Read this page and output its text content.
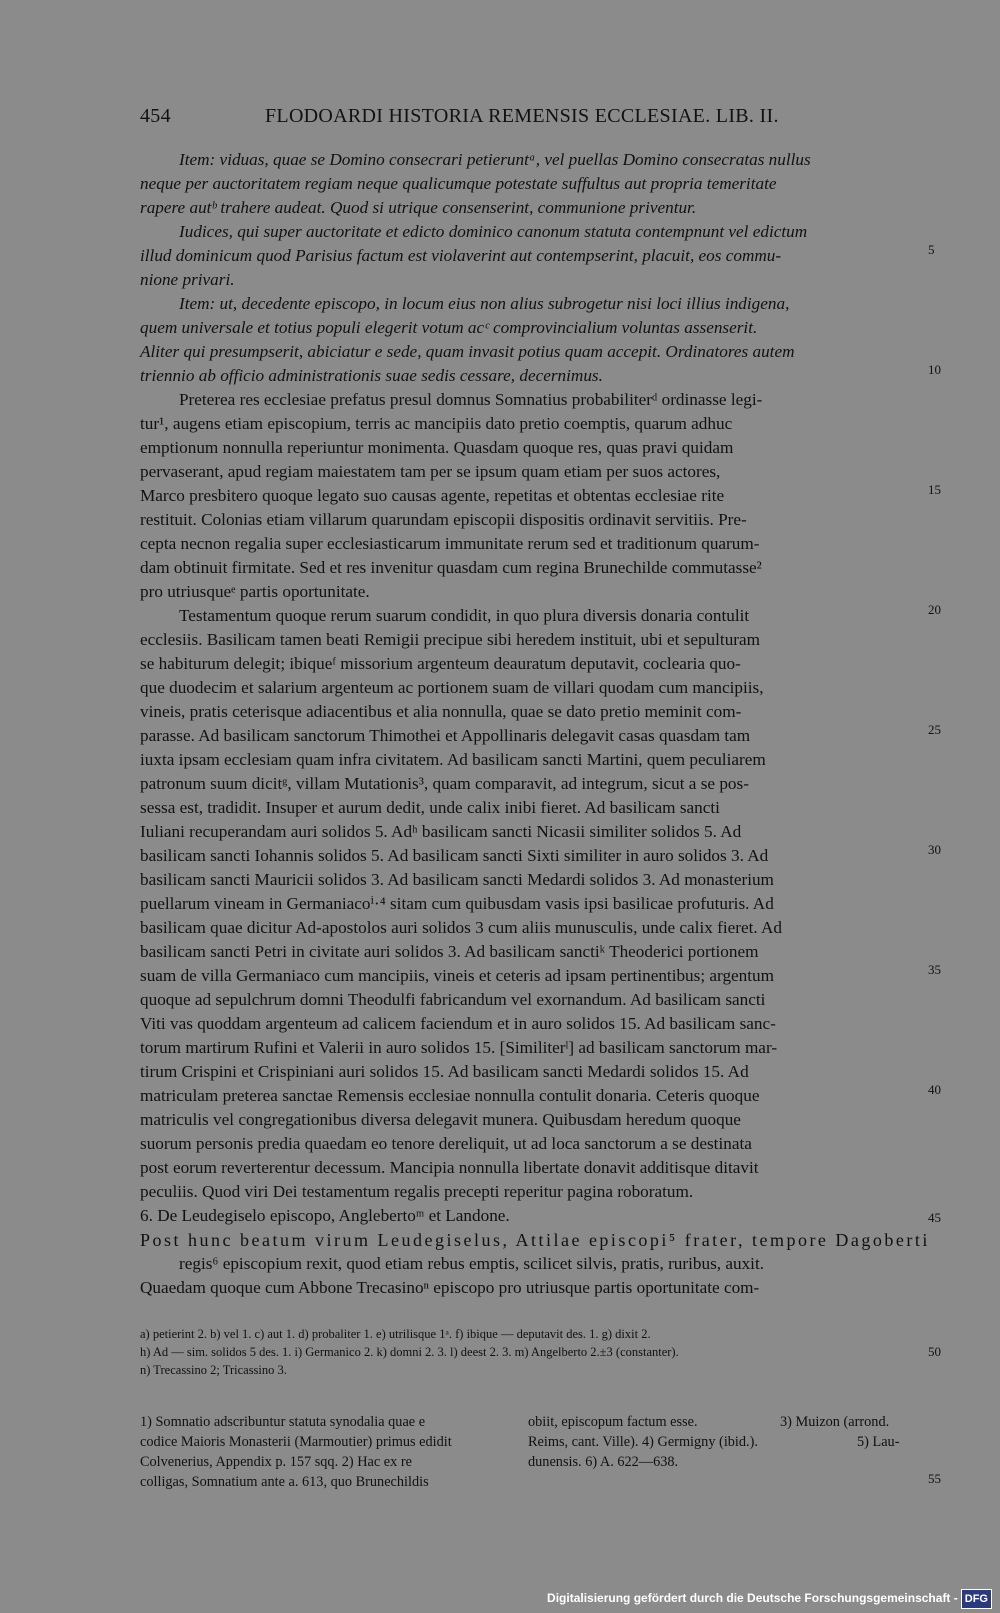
454	FLODOARDI HISTORIA REMENSIS ECCLESIAE. LIB. II.

Item: viduas, quae se Domino consecrari petieruntᵃ, vel puellas Domino consecratas nullus

neque per auctoritatem regiam neque qualicumque potestate suffultus aut propria temeritate

rapere autᵇ trahere audeat. Quod si utrique consenserint, communione priventur.

Iudices, qui super auctoritate et edicto dominico canonum statuta contempnunt vel edictum

illud dominicum quod Parisius factum est violaverint aut contempserint, placuit, eos commu-

nione privari.

Item: ut, decedente episcopo, in locum eius non alius subrogetur nisi loci illius indigena,

quem universale et totius populi elegerit votum acᶜ comprovincialium voluntas assenserit.

Aliter qui presumpserit, abiciatur e sede, quam invasit potius quam accepit. Ordinatores autem

triennio ab officio administrationis suae sedis cessare, decernimus.

Preterea res ecclesiae prefatus presul domnus Somnatius probabiliterᵈ ordinasse legi-

tur¹, augens etiam episcopium, terris ac mancipiis dato pretio coemptis, quarum adhuc

emptionum nonnulla reperiuntur monimenta. Quasdam quoque res, quas pravi quidam

pervaserant, apud regiam maiestatem tam per se ipsum quam etiam per suos actores,

Marco presbitero quoque legato suo causas agente, repetitas et obtentas ecclesiae rite

restituit. Colonias etiam villarum quarundam episcopii dispositis ordinavit servitiis. Pre-

cepta necnon regalia super ecclesiasticarum immunitate rerum sed et traditionum quarum-

dam obtinuit firmitate. Sed et res invenitur quasdam cum regina Brunechilde commutasse²

pro utriusqueᵉ partis oportunitate.

Testamentum quoque rerum suarum condidit, in quo plura diversis donaria contulit

ecclesiis. Basilicam tamen beati Remigii precipue sibi heredem instituit, ubi et sepulturam

se habiturum delegit; ibiqueᶠ missorium argenteum deauratum deputavit, coclearia quo-

que duodecim et salarium argenteum ac portionem suam de villari quodam cum mancipiis,

vineis, pratis ceterisque adiacentibus et alia nonnulla, quae se dato pretio meminit com-

parasse. Ad basilicam sanctorum Thimothei et Appollinaris delegavit casas quasdam tam

iuxta ipsam ecclesiam quam infra civitatem. Ad basilicam sancti Martini, quem peculiarem

patronum suum dicitᵍ, villam Mutationis³, quam comparavit, ad integrum, sicut a se pos-

sessa est, tradidit. Insuper et aurum dedit, unde calix inibi fieret. Ad basilicam sancti

Iuliani recuperandam auri solidos 5. Adʰ basilicam sancti Nicasii similiter solidos 5. Ad

basilicam sancti Iohannis solidos 5. Ad basilicam sancti Sixti similiter in auro solidos 3. Ad

basilicam sancti Mauricii solidos 3. Ad basilicam sancti Medardi solidos 3. Ad monasterium

puellarum vineam in Germaniacoⁱ·⁴ sitam cum quibusdam vasis ipsi basilicae profuturis. Ad

basilicam quae dicitur Ad-apostolos auri solidos 3 cum aliis munusculis, unde calix fieret. Ad

basilicam sancti Petri in civitate auri solidos 3. Ad basilicam sanctiᵏ Theoderici portionem

suam de villa Germaniaco cum mancipiis, vineis et ceteris ad ipsam pertinentibus; argentum

quoque ad sepulchrum domni Theodulfi fabricandum vel exornandum. Ad basilicam sancti

Viti vas quoddam argenteum ad calicem faciendum et in auro solidos 15. Ad basilicam sanc-

torum martirum Rufini et Valerii in auro solidos 15. [Similiterˡ] ad basilicam sanctorum mar-

tirum Crispini et Crispiniani auri solidos 15. Ad basilicam sancti Medardi solidos 15. Ad

matriculam preterea sanctae Remensis ecclesiae nonnulla contulit donaria. Ceteris quoque

matriculis vel congregationibus diversa delegavit munera. Quibusdam heredum quoque

suorum personis predia quaedam eo tenore dereliquit, ut ad loca sanctorum a se destinata

post eorum reverterentur decessum. Mancipia nonnulla libertate donavit additisque ditavit

peculiis. Quod viri Dei testamentum regalis precepti reperitur pagina roboratum.

6. De Leudegiselo episcopo, Anglebertoᵐ et Landone.

Post hunc beatum virum Leudegiselus, Attilae episcopi⁵ frater, tempore Dagoberti

regis⁶ episcopium rexit, quod etiam rebus emptis, scilicet silvis, pratis, ruribus, auxit.

Quaedam quoque cum Abbone Trecasinoⁿ episcopo pro utriusque partis oportunitate com-

5
10
15
20
25
30
35
40
45
50
55

a) petierint 2. b) vel 1. c) aut 1. d) probaliter 1. e) utrilisque 1ᵃ. f) ibique — deputavit des. 1. g) dixit 2.

h) Ad — sim. solidos 5 des. 1. i) Germanico 2. k) domni 2. 3. l) deest 2. 3. m) Angelberto 2.±3 (constanter).

n) Trecassino 2; Tricassino 3.

1) Somnatio adscribuntur statuta synodalia quae e

codice Maioris Monasterii (Marmoutier) primus edidit

Colvenerius, Appendix p. 157 sqq. 2) Hac ex re

colligas, Somnatium ante a. 613, quo Brunechildis

obiit, episcopum factum esse.

Reims, cant. Ville). 4) Germigny (ibid.).

dunensis. 6) A. 622—638.

3) Muizon (arrond.

5) Lau-

Digitalisierung gefördert durch die Deutsche Forschungsgemeinschaft - DFG
